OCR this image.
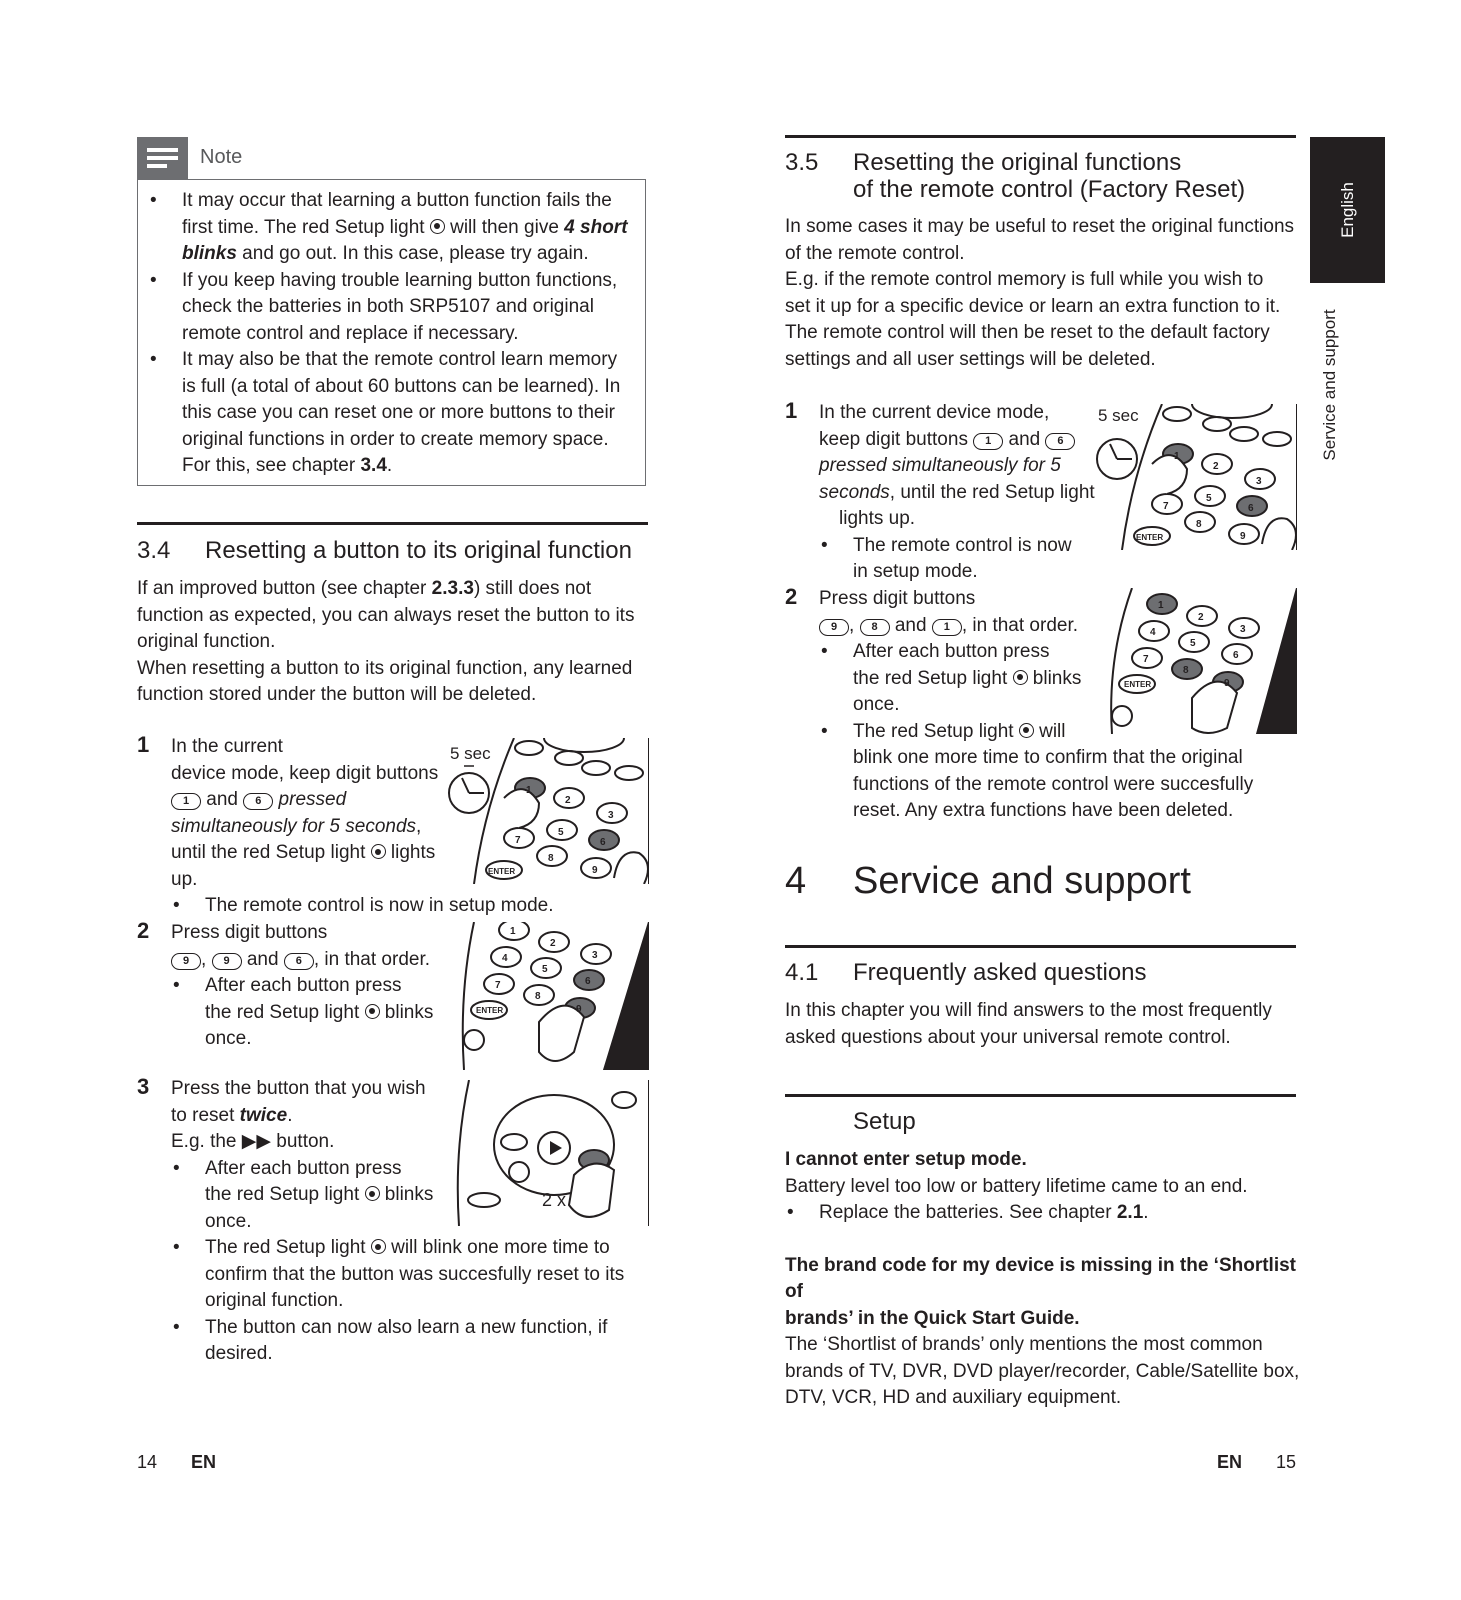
Note
• It may occur that learning a button function fails the
first time. The red Setup light  will then give 4 short
blinks and go out. In this case, please try again.
• If you keep having trouble learning button functions,
check the batteries in both SRP5107 and original
remote control and replace if necessary.
• It may also be that the remote control learn memory
is full (a total of about 60 buttons can be learned). In
this case you can reset one or more buttons to their
original functions in order to create memory space.
For this, see chapter 3.4.
3.4 Resetting a button to its original function
If an improved button (see chapter 2.3.3) still does not
function as expected, you can always reset the button to its
original function.
When resetting a button to its original function, any learned
function stored under the button will be deleted.
1 In the current
device mode, keep digit buttons
1 and 6 pressed
simultaneously for 5 seconds,
until the red Setup light  lights
up.
• The remote control is now in setup mode.
1
2
3
5
6
8
9
7
ENTER
5 sec
2 Press digit buttons
9 , 9 and 6 , in that order.
• After each button press
the red Setup light  blinks
once.
1
2
3
4
5
6
7
8
9
ENTER
3 Press the button that you wish
to reset twice.
E.g. the ▶▶ button.
• After each button press
the red Setup light  blinks
once.
• The red Setup light  will blink one more time to
confirm that the button was succesfully reset to its
original function.
• The button can now also learn a new function, if
desired.
2 x
3.5 Resetting the original functions
of the remote control (Factory Reset)
In some cases it may be useful to reset the original functions
of the remote control.
E.g. if the remote control memory is full while you wish to
set it up for a specific device or learn an extra function to it.
The remote control will then be reset to the default factory
settings and all user settings will be deleted.
1 In the current device mode,
keep digit buttons 1 and 6
pressed simultaneously for 5
seconds, until the red Setup light
lights up.
• The remote control is now
in setup mode.
1
2
3
5
6
8
9
7
ENTER
5 sec
2 Press digit buttons
9 , 8 and 1 , in that order.
• After each button press
the red Setup light  blinks
once.
• The red Setup light  will
blink one more time to confirm that the original
functions of the remote control were succesfully
reset. Any extra functions have been deleted.
1
2
3
4
5
6
7
8
9
ENTER
4 Service and support
4.1 Frequently asked questions
In this chapter you will find answers to the most frequently
asked questions about your universal remote control.
Setup
I cannot enter setup mode.
Battery level too low or battery lifetime came to an end.
• Replace the batteries. See chapter 2.1.
The brand code for my device is missing in the ‘Shortlist of
brands’ in the Quick Start Guide.
The ‘Shortlist of brands’ only mentions the most common
brands of TV, DVR, DVD player/recorder, Cable/Satellite box,
DTV, VCR, HD and auxiliary equipment.
English
Service and support
14 EN	EN 15
